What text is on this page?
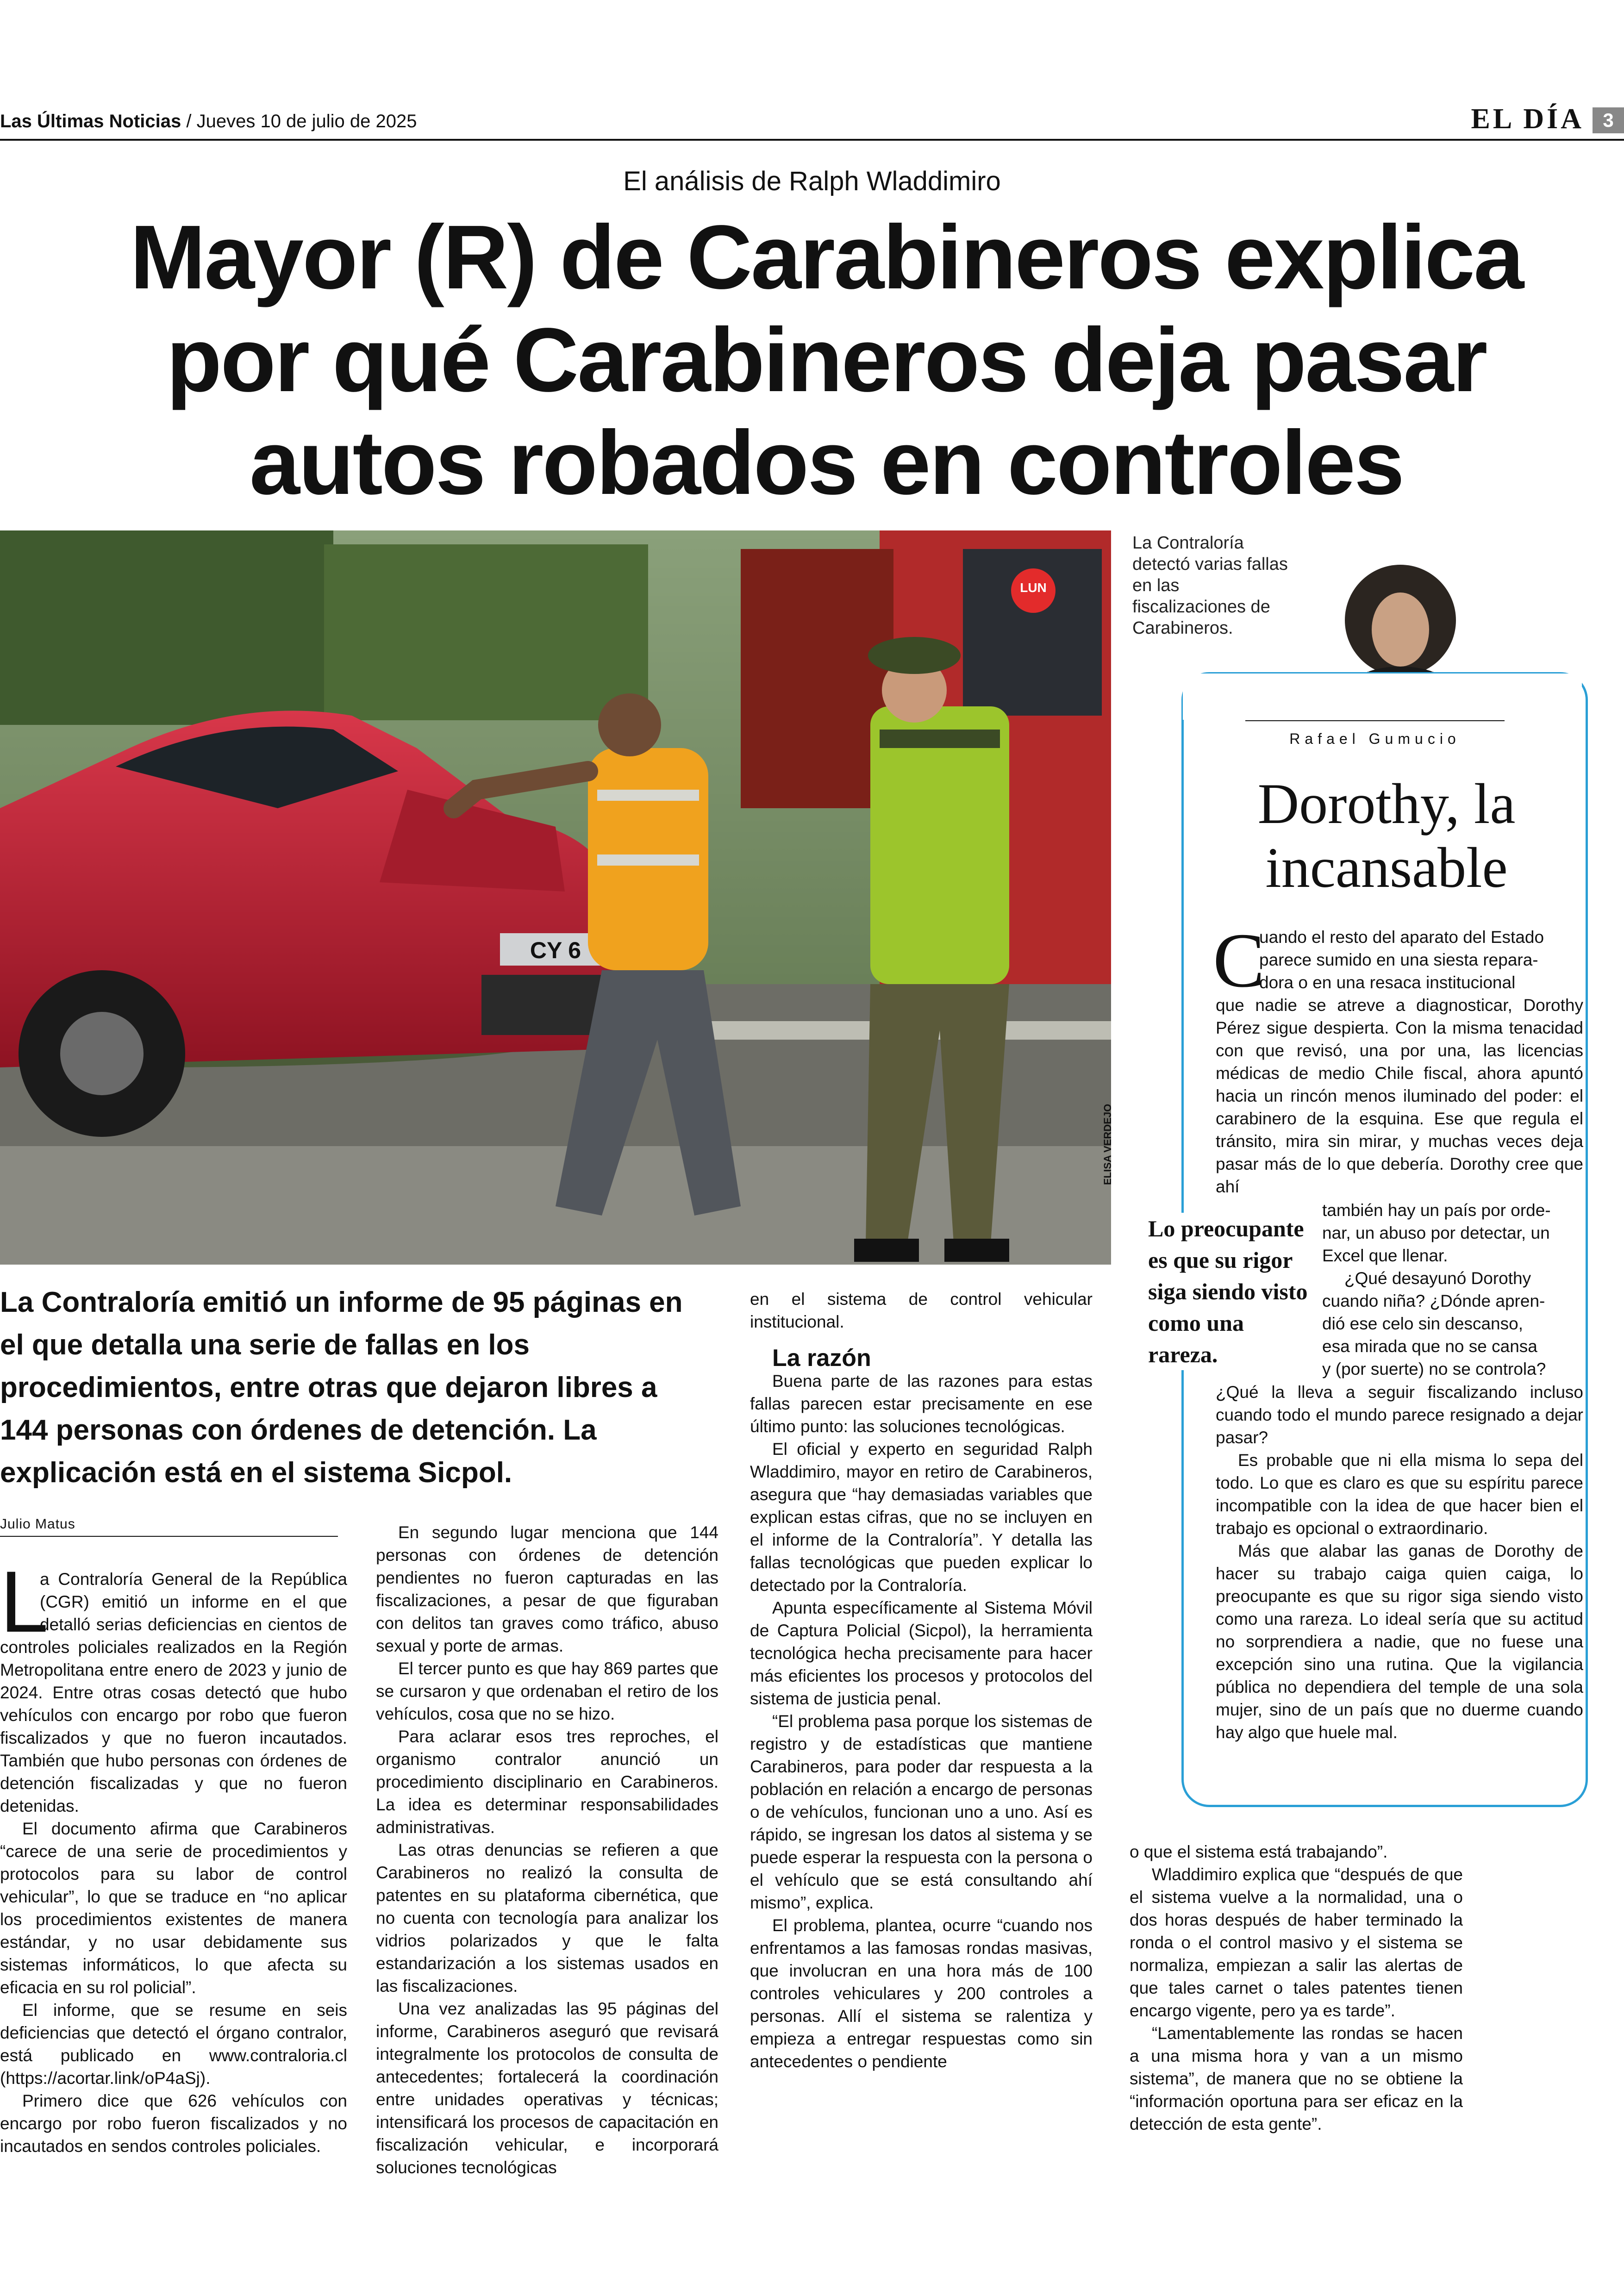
Las Últimas Noticias / Jueves 10 de julio de 2025	EL DÍA 3
El análisis de Ralph Wladdimiro
Mayor (R) de Carabineros explica por qué Carabineros deja pasar autos robados en controles
LUN
CY 6
ELISA VERDEJO
La Contraloría detectó varias fallas en las fiscalizaciones de Carabineros.
Rafael Gumucio
Dorothy, la incansable
C
uando el resto del aparato del Estado
parece sumido en una siesta repara-
dora o en una resaca institucional

que nadie se atreve a diagnosticar, Dorothy Pérez sigue despierta. Con la misma tenacidad con que revisó, una por una, las licencias médicas de medio Chile fiscal, ahora apuntó hacia un rincón menos iluminado del poder: el carabinero de la esquina. Ese que regula el tránsito, mira sin mirar, y muchas veces deja pasar más de lo que debería. Dorothy cree que ahí

también hay un país por orde-
nar, un abuso por detectar, un
Excel que llenar.
¿Qué desayunó Dorothy
cuando niña? ¿Dónde apren-
dió ese celo sin descanso,
esa mirada que no se cansa
y (por suerte) no se controla?
Lo preocupante es que su rigor siga siendo visto como una rareza.

¿Qué la lleva a seguir fiscalizando incluso cuando todo el mundo parece resignado a dejar pasar?

Es probable que ni ella misma lo sepa del todo. Lo que es claro es que su espíritu parece incompatible con la idea de que hacer bien el trabajo es opcional o extraordinario.

Más que alabar las ganas de Dorothy de hacer su trabajo caiga quien caiga, lo preocupante es que su rigor siga siendo visto como una rareza. Lo ideal sería que su actitud no sorprendiera a nadie, que no fuese una excepción sino una rutina. Que la vigilancia pública no dependiera del temple de una sola mujer, sino de un país que no duerme cuando hay algo que huele mal.

La Contraloría emitió un informe de 95 páginas en el que detalla una serie de fallas en los procedimientos, entre otras que dejaron libres a 144 personas con órdenes de detención. La explicación está en el sistema Sicpol.
Julio Matus
L

a Contraloría General de la República (CGR) emitió un informe en el que detalló serias deficiencias en cientos de controles policiales realizados en la Región Metropolitana entre enero de 2023 y junio de 2024. Entre otras cosas detectó que hubo vehículos con encargo por robo que fueron fiscalizados y que no fueron incautados. También que hubo personas con órdenes de detención fiscalizadas y que no fueron detenidas.

El documento afirma que Carabineros “carece de una serie de procedimientos y protocolos para su labor de control vehicular”, lo que se traduce en “no aplicar los procedimientos existentes de manera estándar, y no usar debidamente sus sistemas informáticos, lo que afecta su eficacia en su rol policial”.

El informe, que se resume en seis deficiencias que detectó el órgano contralor, está publicado en www.contraloria.cl (https://acortar.link/oP4aSj).

Primero dice que 626 vehículos con encargo por robo fueron fiscalizados y no incautados en sendos controles policiales.

En segundo lugar menciona que 144 personas con órdenes de detención pendientes no fueron capturadas en las fiscalizaciones, a pesar de que figuraban con delitos tan graves como tráfico, abuso sexual y porte de armas.

El tercer punto es que hay 869 partes que se cursaron y que ordenaban el retiro de los vehículos, cosa que no se hizo.

Para aclarar esos tres reproches, el organismo contralor anunció un procedimiento disciplinario en Carabineros. La idea es determinar responsabilidades administrativas.

Las otras denuncias se refieren a que Carabineros no realizó la consulta de patentes en su plataforma cibernética, que no cuenta con tecnología para analizar los vidrios polarizados y que le falta estandarización a los sistemas usados en las fiscalizaciones.

Una vez analizadas las 95 páginas del informe, Carabineros aseguró que revisará integralmente los protocolos de consulta de antecedentes; fortalecerá la coordinación entre unidades operativas y técnicas; intensificará los procesos de capacitación en fiscalización vehicular, e incorporará soluciones tecnológicas

en el sistema de control vehicular institucional.

La razón

Buena parte de las razones para estas fallas parecen estar precisamente en ese último punto: las soluciones tecnológicas.

El oficial y experto en seguridad Ralph Wladdimiro, mayor en retiro de Carabineros, asegura que “hay demasiadas variables que explican estas cifras, que no se incluyen en el informe de la Contraloría”. Y detalla las fallas tecnológicas que pueden explicar lo detectado por la Contraloría.

Apunta específicamente al Sistema Móvil de Captura Policial (Sicpol), la herramienta tecnológica hecha precisamente para hacer más eficientes los procesos y protocolos del sistema de justicia penal.

“El problema pasa porque los sistemas de registro y de estadísticas que mantiene Carabineros, para poder dar respuesta a la población en relación a encargo de personas o de vehículos, funcionan uno a uno. Así es rápido, se ingresan los datos al sistema y se puede esperar la respuesta con la persona o el vehículo que se está consultando ahí mismo”, explica.

El problema, plantea, ocurre “cuando nos enfrentamos a las famosas rondas masivas, que involucran en una hora más de 100 controles vehiculares y 200 controles a personas. Allí el sistema se ralentiza y empieza a entregar respuestas como sin antecedentes o pendiente

o que el sistema está trabajando”.

Wladdimiro explica que “después de que el sistema vuelve a la normalidad, una o dos horas después de haber terminado la ronda o el control masivo y el sistema se normaliza, empiezan a salir las alertas de que tales carnet o tales patentes tienen encargo vigente, pero ya es tarde”.

“Lamentablemente las rondas se hacen a una misma hora y van a un mismo sistema”, de manera que no se obtiene la “información oportuna para ser eficaz en la detección de esta gente”.
